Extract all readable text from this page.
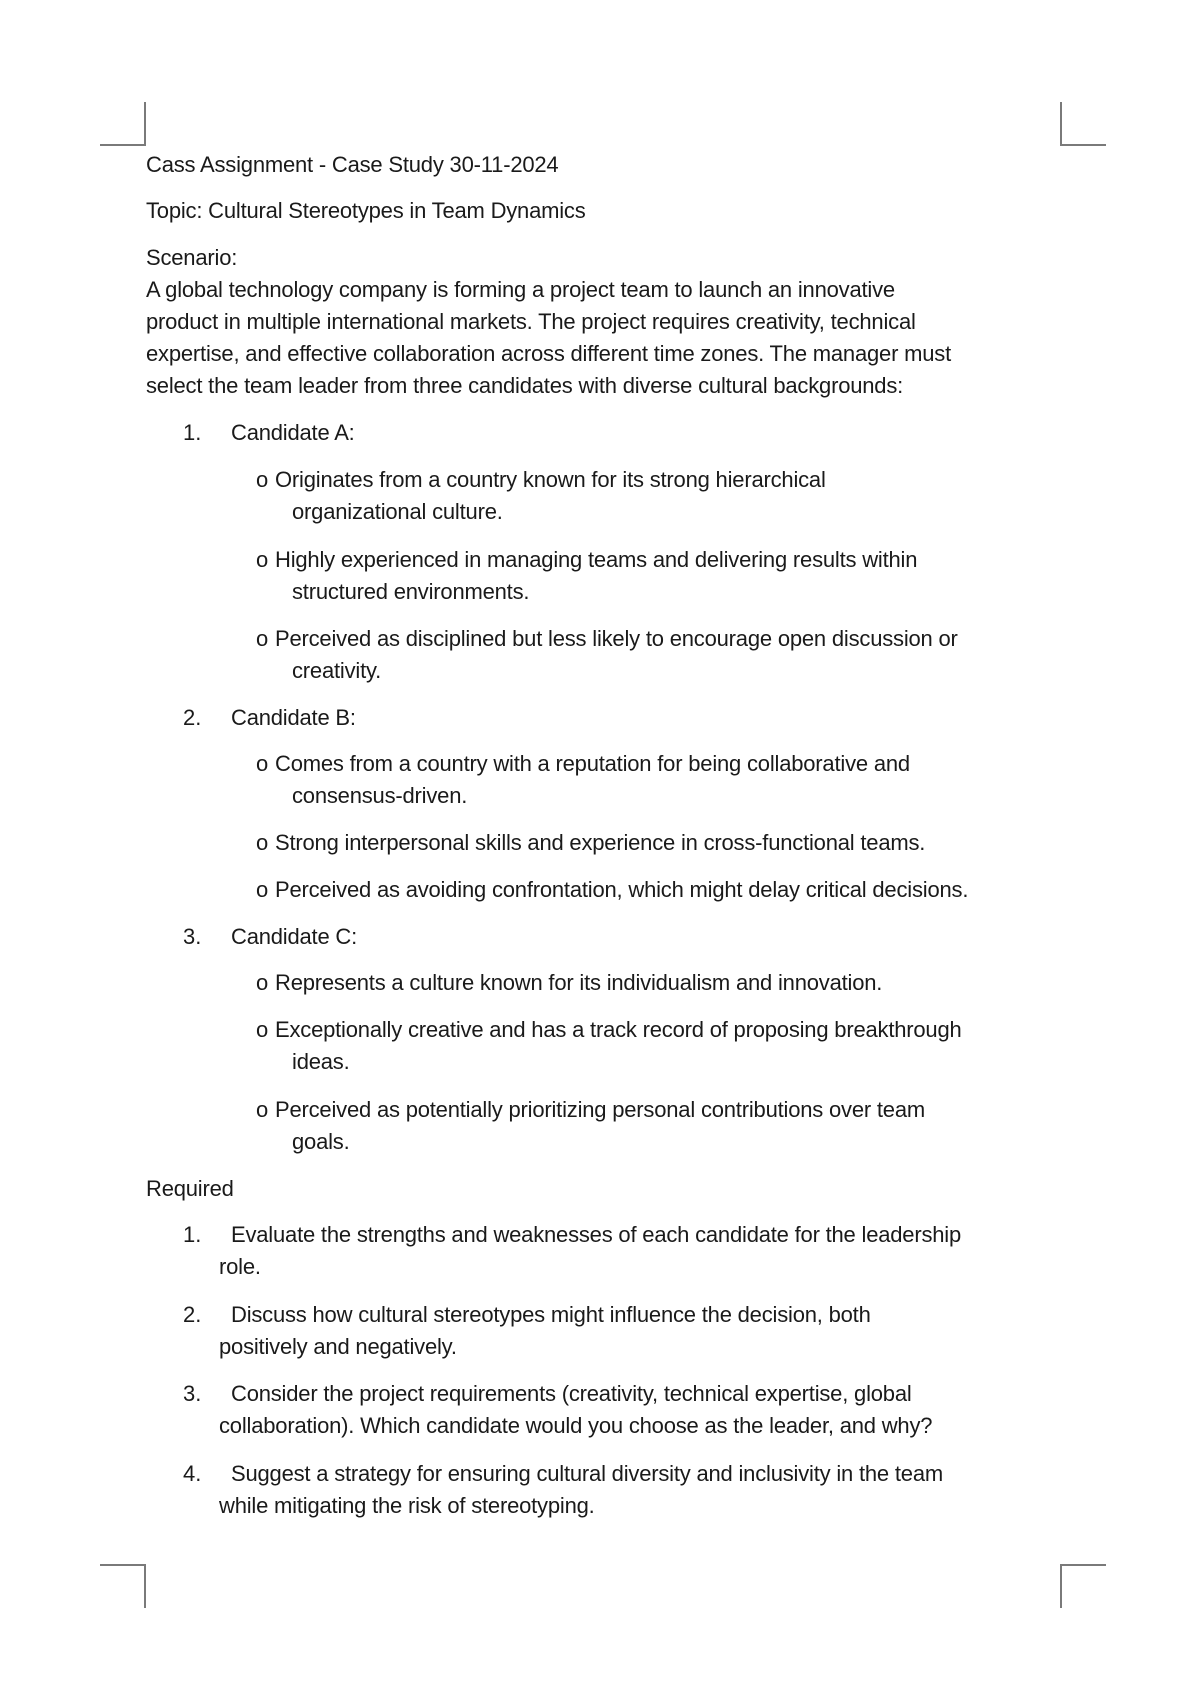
Cass Assignment - Case Study 30-11-2024

Topic: Cultural Stereotypes in Team Dynamics

Scenario:

A global technology company is forming a project team to launch an innovative

product in multiple international markets. The project requires creativity, technical

expertise, and effective collaboration across different time zones. The manager must

select the team leader from three candidates with diverse cultural backgrounds:

1. Candidate A:

o Originates from a country known for its strong hierarchical

organizational culture.

o Highly experienced in managing teams and delivering results within

structured environments.

o Perceived as disciplined but less likely to encourage open discussion or

creativity.

2. Candidate B:

o Comes from a country with a reputation for being collaborative and

consensus-driven.

o Strong interpersonal skills and experience in cross-functional teams.

o Perceived as avoiding confrontation, which might delay critical decisions.

3. Candidate C:

o Represents a culture known for its individualism and innovation.

o Exceptionally creative and has a track record of proposing breakthrough

ideas.

o Perceived as potentially prioritizing personal contributions over team

goals.

Required

1. Evaluate the strengths and weaknesses of each candidate for the leadership

role.

2. Discuss how cultural stereotypes might influence the decision, both

positively and negatively.

3. Consider the project requirements (creativity, technical expertise, global

collaboration). Which candidate would you choose as the leader, and why?

4. Suggest a strategy for ensuring cultural diversity and inclusivity in the team

while mitigating the risk of stereotyping.
